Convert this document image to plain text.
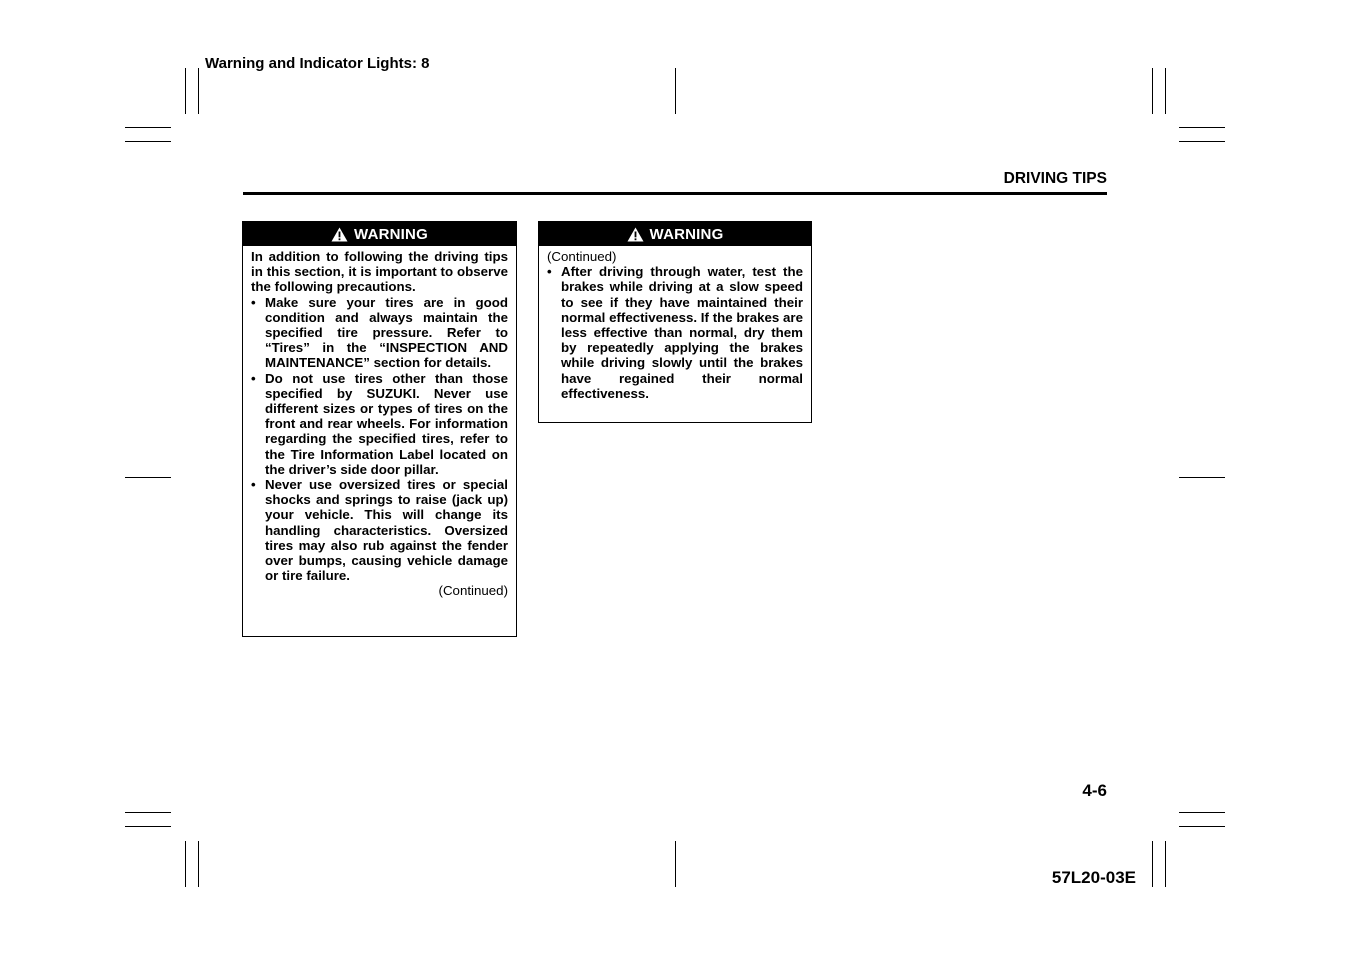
Warning and Indicator Lights: 8
DRIVING TIPS
WARNING
In addition to following the driving tips in this section, it is important to observe the following precautions.
• Make sure your tires are in good condition and always maintain the specified tire pressure. Refer to “Tires” in the “INSPECTION AND MAINTENANCE” section for details.
• Do not use tires other than those specified by SUZUKI. Never use different sizes or types of tires on the front and rear wheels. For information regarding the specified tires, refer to the Tire Information Label located on the driver’s side door pillar.
• Never use oversized tires or special shocks and springs to raise (jack up) your vehicle. This will change its handling characteristics. Oversized tires may also rub against the fender over bumps, causing vehicle damage or tire failure.
(Continued)
WARNING
(Continued)
• After driving through water, test the brakes while driving at a slow speed to see if they have maintained their normal effectiveness. If the brakes are less effective than normal, dry them by repeatedly applying the brakes while driving slowly until the brakes have regained their normal effectiveness.
4-6
57L20-03E
